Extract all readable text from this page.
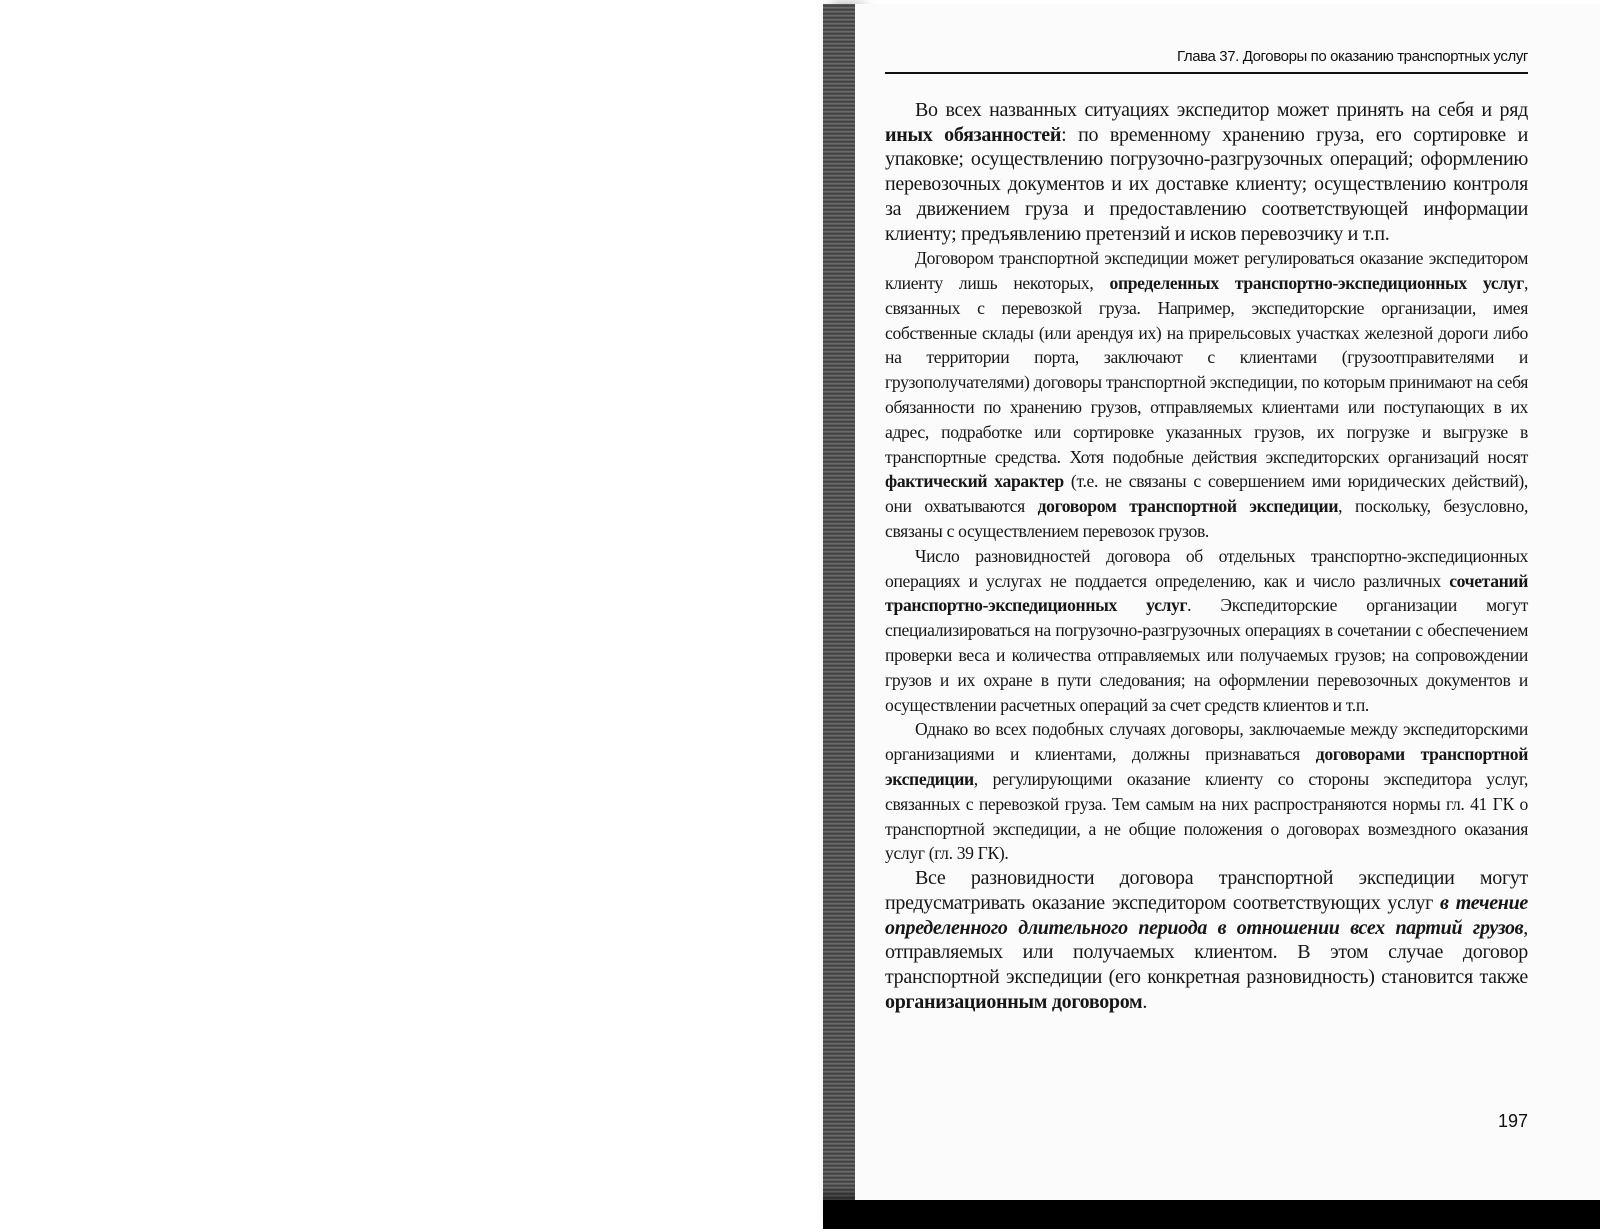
Глава 37. Договоры по оказанию транспортных услуг

Во всех названных ситуациях экспедитор может принять на себя и ряд иных обязанностей: по временному хранению груза, его сортировке и упаковке; осуществлению погрузочно-разгрузочных операций; оформлению перевозочных документов и их доставке клиенту; осуществлению контроля за движением груза и предоставлению соответствующей информации клиенту; предъявлению претензий и исков перевозчику и т.п.

Договором транспортной экспедиции может регулироваться оказание экспедитором клиенту лишь некоторых, определенных транспортно-экспедиционных услуг, связанных с перевозкой груза. Например, экспедиторские организации, имея собственные склады (или арендуя их) на прирельсовых участках железной дороги либо на территории порта, заключают с клиентами (грузоотправителями и грузополучателями) договоры транспортной экспедиции, по которым принимают на себя обязанности по хранению грузов, отправляемых клиентами или поступающих в их адрес, подработке или сортировке указанных грузов, их погрузке и выгрузке в транспортные средства. Хотя подобные действия экспедиторских организаций носят фактический характер (т.е. не связаны с совершением ими юридических действий), они охватываются договором транспортной экспедиции, поскольку, безусловно, связаны с осуществлением перевозок грузов.

Число разновидностей договора об отдельных транспортно-экспедиционных операциях и услугах не поддается определению, как и число различных сочетаний транспортно-экспедиционных услуг. Экспедиторские организации могут специализироваться на погрузочно-разгрузочных операциях в сочетании с обеспечением проверки веса и количества отправляемых или получаемых грузов; на сопровождении грузов и их охране в пути следования; на оформлении перевозочных документов и осуществлении расчетных операций за счет средств клиентов и т.п.

Однако во всех подобных случаях договоры, заключаемые между экспедиторскими организациями и клиентами, должны признаваться договорами транспортной экспедиции, регулирующими оказание клиенту со стороны экспедитора услуг, связанных с перевозкой груза. Тем самым на них распространяются нормы гл. 41 ГК о транспортной экспедиции, а не общие положения о договорах возмездного оказания услуг (гл. 39 ГК).

Все разновидности договора транспортной экспедиции могут предусматривать оказание экспедитором соответствующих услуг в течение определенного длительного периода в отношении всех партий грузов, отправляемых или получаемых клиентом. В этом случае договор транспортной экспедиции (его конкретная разновидность) становится также организационным договором.

197
